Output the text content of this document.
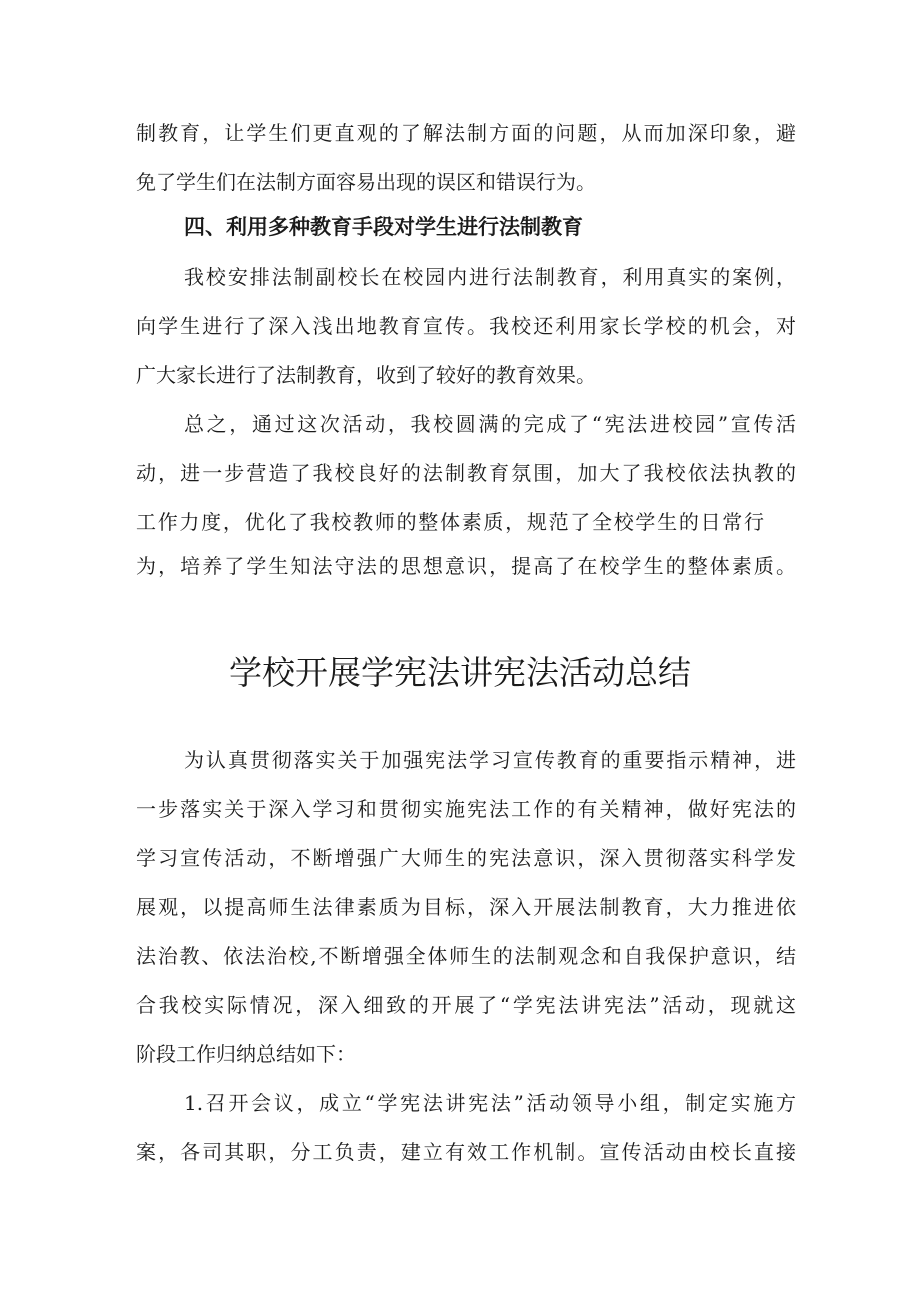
制教育，让学生们更直观的了解法制方面的问题，从而加深印象，避
免了学生们在法制方面容易出现的误区和错误行为。
四、利用多种教育手段对学生进行法制教育
我校安排法制副校长在校园内进行法制教育，利用真实的案例，
向学生进行了深入浅出地教育宣传。我校还利用家长学校的机会，对
广大家长进行了法制教育，收到了较好的教育效果。
总之，通过这次活动，我校圆满的完成了“宪法进校园”宣传活
动，进一步营造了我校良好的法制教育氛围，加大了我校依法执教的
工作力度，优化了我校教师的整体素质，规范了全校学生的日常行
为，培养了学生知法守法的思想意识，提高了在校学生的整体素质。
学校开展学宪法讲宪法活动总结
为认真贯彻落实关于加强宪法学习宣传教育的重要指示精神，进
一步落实关于深入学习和贯彻实施宪法工作的有关精神，做好宪法的
学习宣传活动，不断增强广大师生的宪法意识，深入贯彻落实科学发
展观，以提高师生法律素质为目标，深入开展法制教育，大力推进依
法治教、依法治校,不断增强全体师生的法制观念和自我保护意识，结
合我校实际情况，深入细致的开展了“学宪法讲宪法”活动，现就这
阶段工作归纳总结如下：
1.召开会议，成立“学宪法讲宪法”活动领导小组，制定实施方
案，各司其职，分工负责，建立有效工作机制。宣传活动由校长直接
